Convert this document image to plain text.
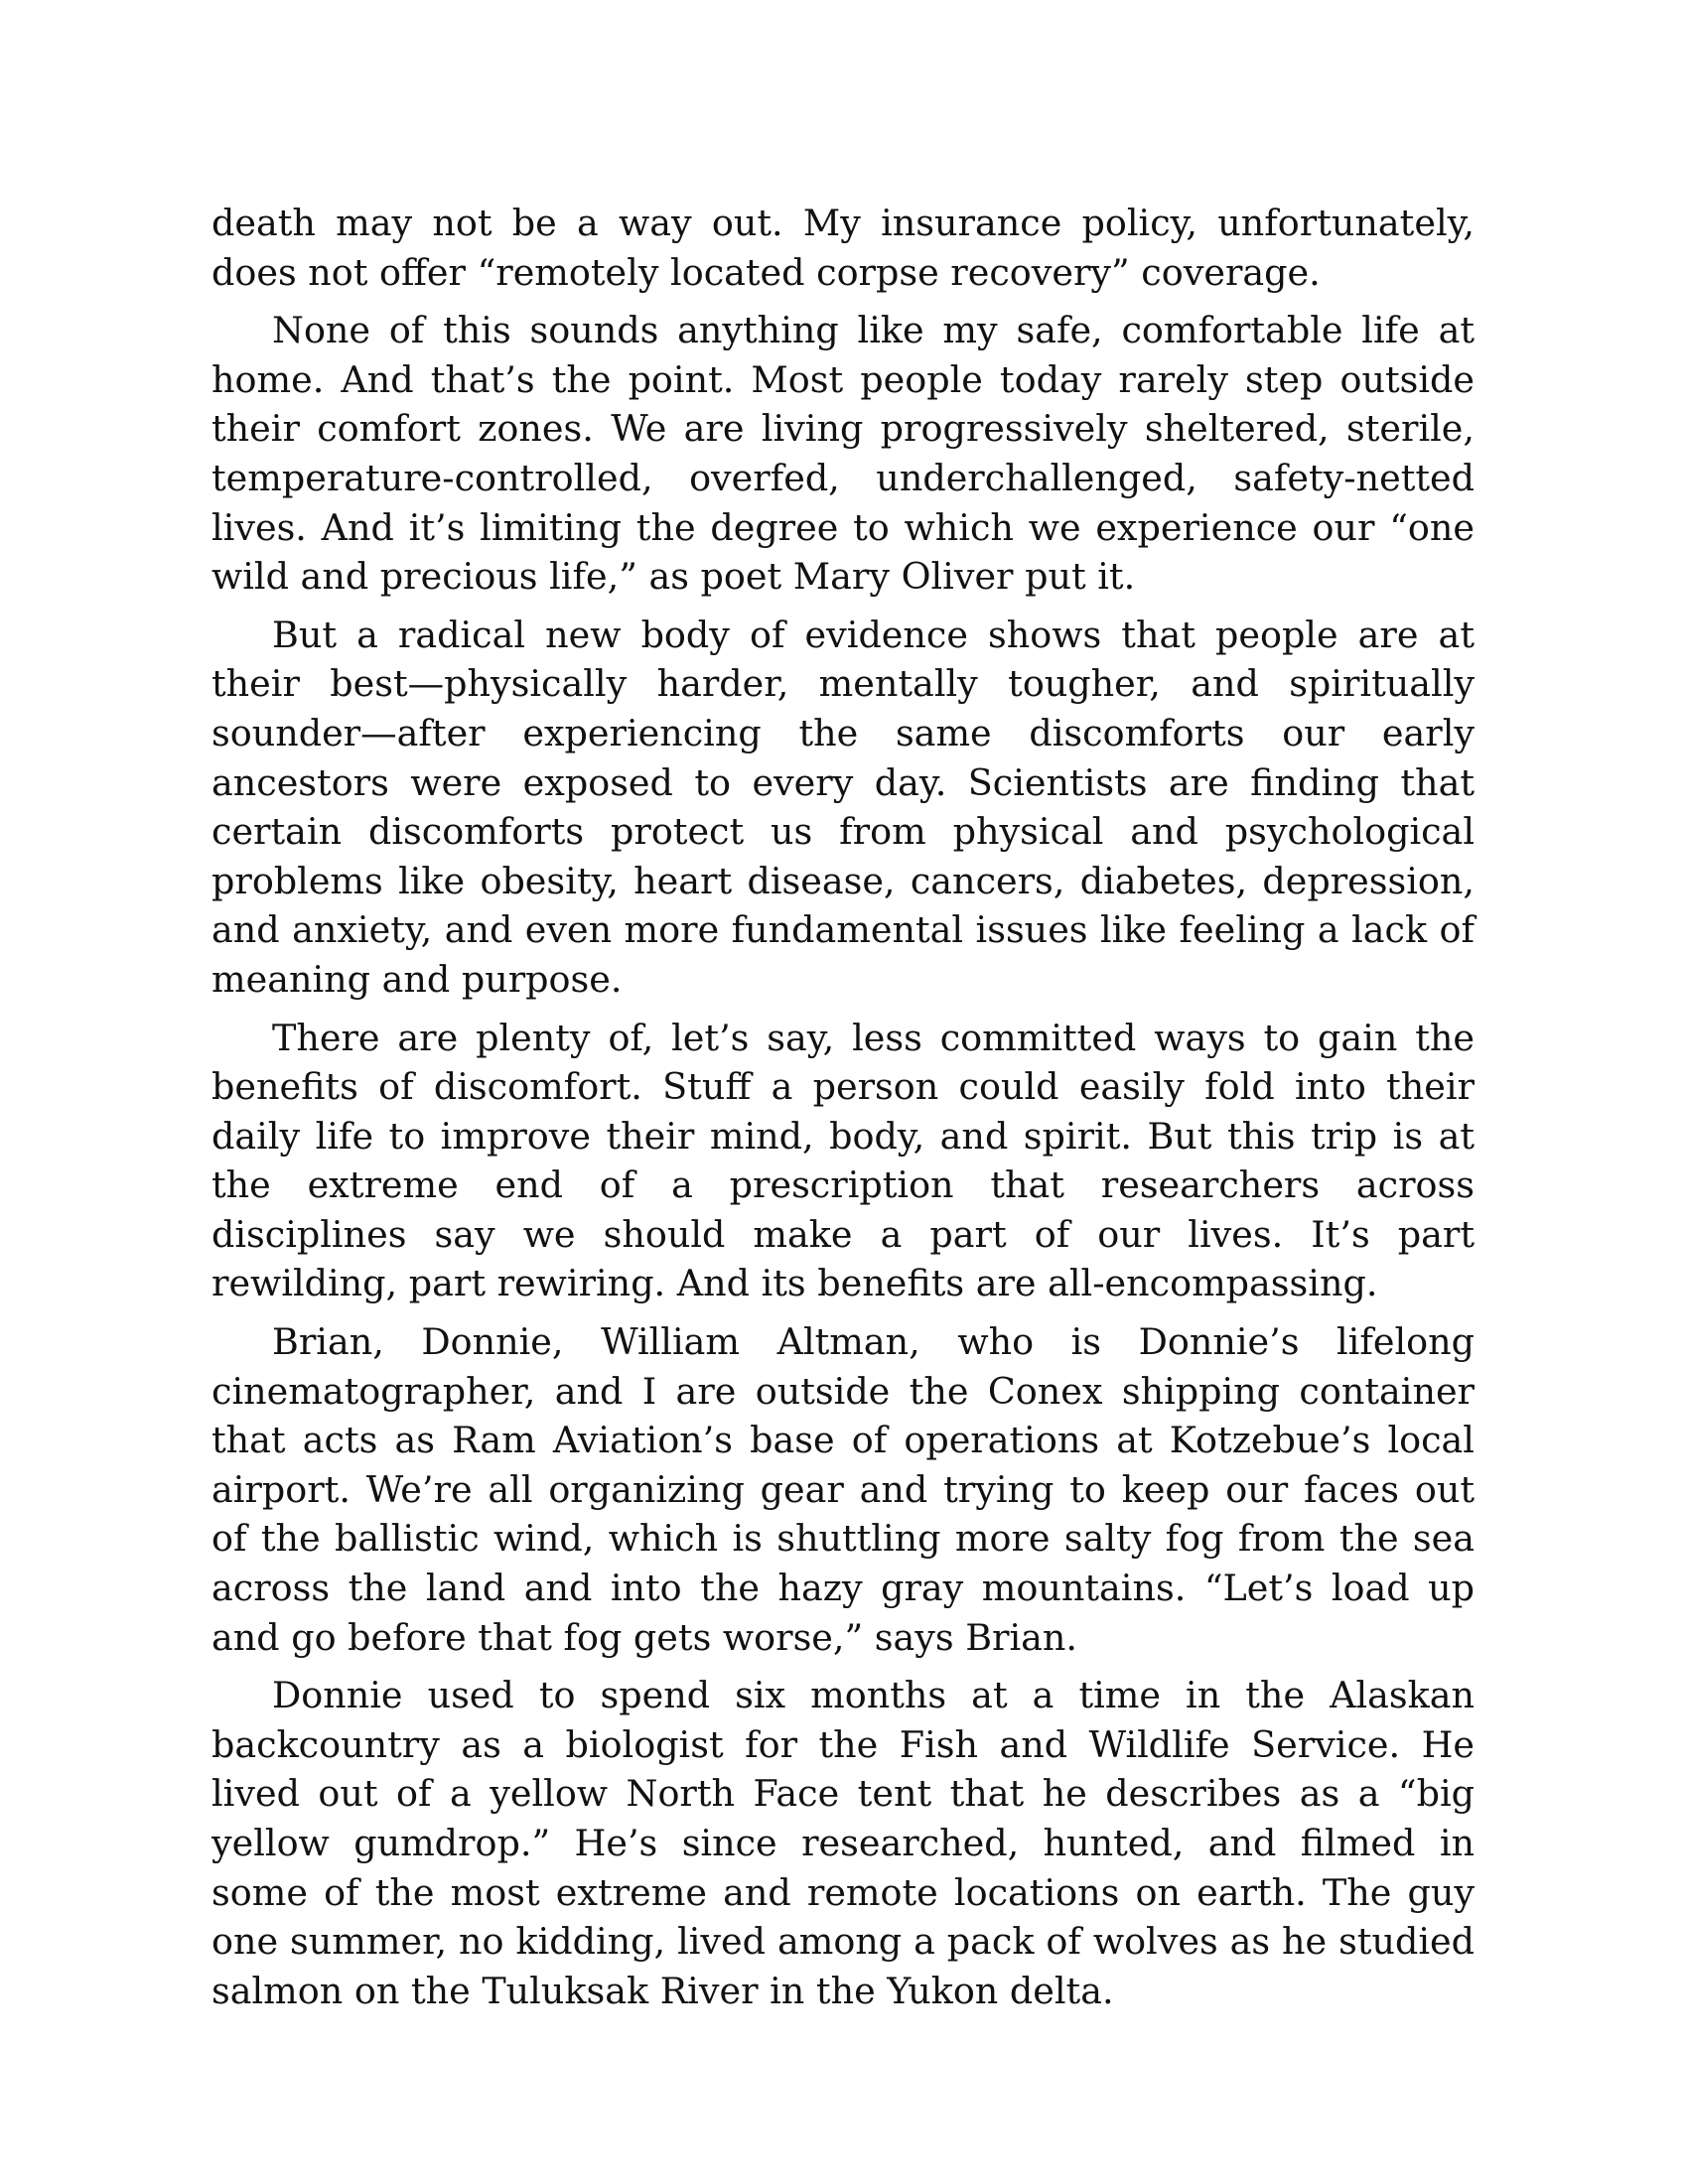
death may not be a way out. My insurance policy, unfortunately, does not offer “remotely located corpse recovery” coverage.

None of this sounds anything like my safe, comfortable life at home. And that’s the point. Most people today rarely step outside their comfort zones. We are living progressively sheltered, sterile, temperature-controlled, overfed, underchallenged, safety-netted lives. And it’s limiting the degree to which we experience our “one wild and precious life,” as poet Mary Oliver put it.

But a radical new body of evidence shows that people are at their best—physically harder, mentally tougher, and spiritually sounder—after experiencing the same discomforts our early ancestors were exposed to every day. Scientists are finding that certain discomforts protect us from physical and psychological problems like obesity, heart disease, cancers, diabetes, depression, and anxiety, and even more fundamental issues like feeling a lack of meaning and purpose.

There are plenty of, let’s say, less committed ways to gain the benefits of discomfort. Stuff a person could easily fold into their daily life to improve their mind, body, and spirit. But this trip is at the extreme end of a prescription that researchers across disciplines say we should make a part of our lives. It’s part rewilding, part rewiring. And its benefits are all-encompassing.

Brian, Donnie, William Altman, who is Donnie’s lifelong cinematographer, and I are outside the Conex shipping container that acts as Ram Aviation’s base of operations at Kotzebue’s local airport. We’re all organizing gear and trying to keep our faces out of the ballistic wind, which is shuttling more salty fog from the sea across the land and into the hazy gray mountains. “Let’s load up and go before that fog gets worse,” says Brian.

Donnie used to spend six months at a time in the Alaskan backcountry as a biologist for the Fish and Wildlife Service. He lived out of a yellow North Face tent that he describes as a “big yellow gumdrop.” He’s since researched, hunted, and filmed in some of the most extreme and remote locations on earth. The guy one summer, no kidding, lived among a pack of wolves as he studied salmon on the Tuluksak River in the Yukon delta.
